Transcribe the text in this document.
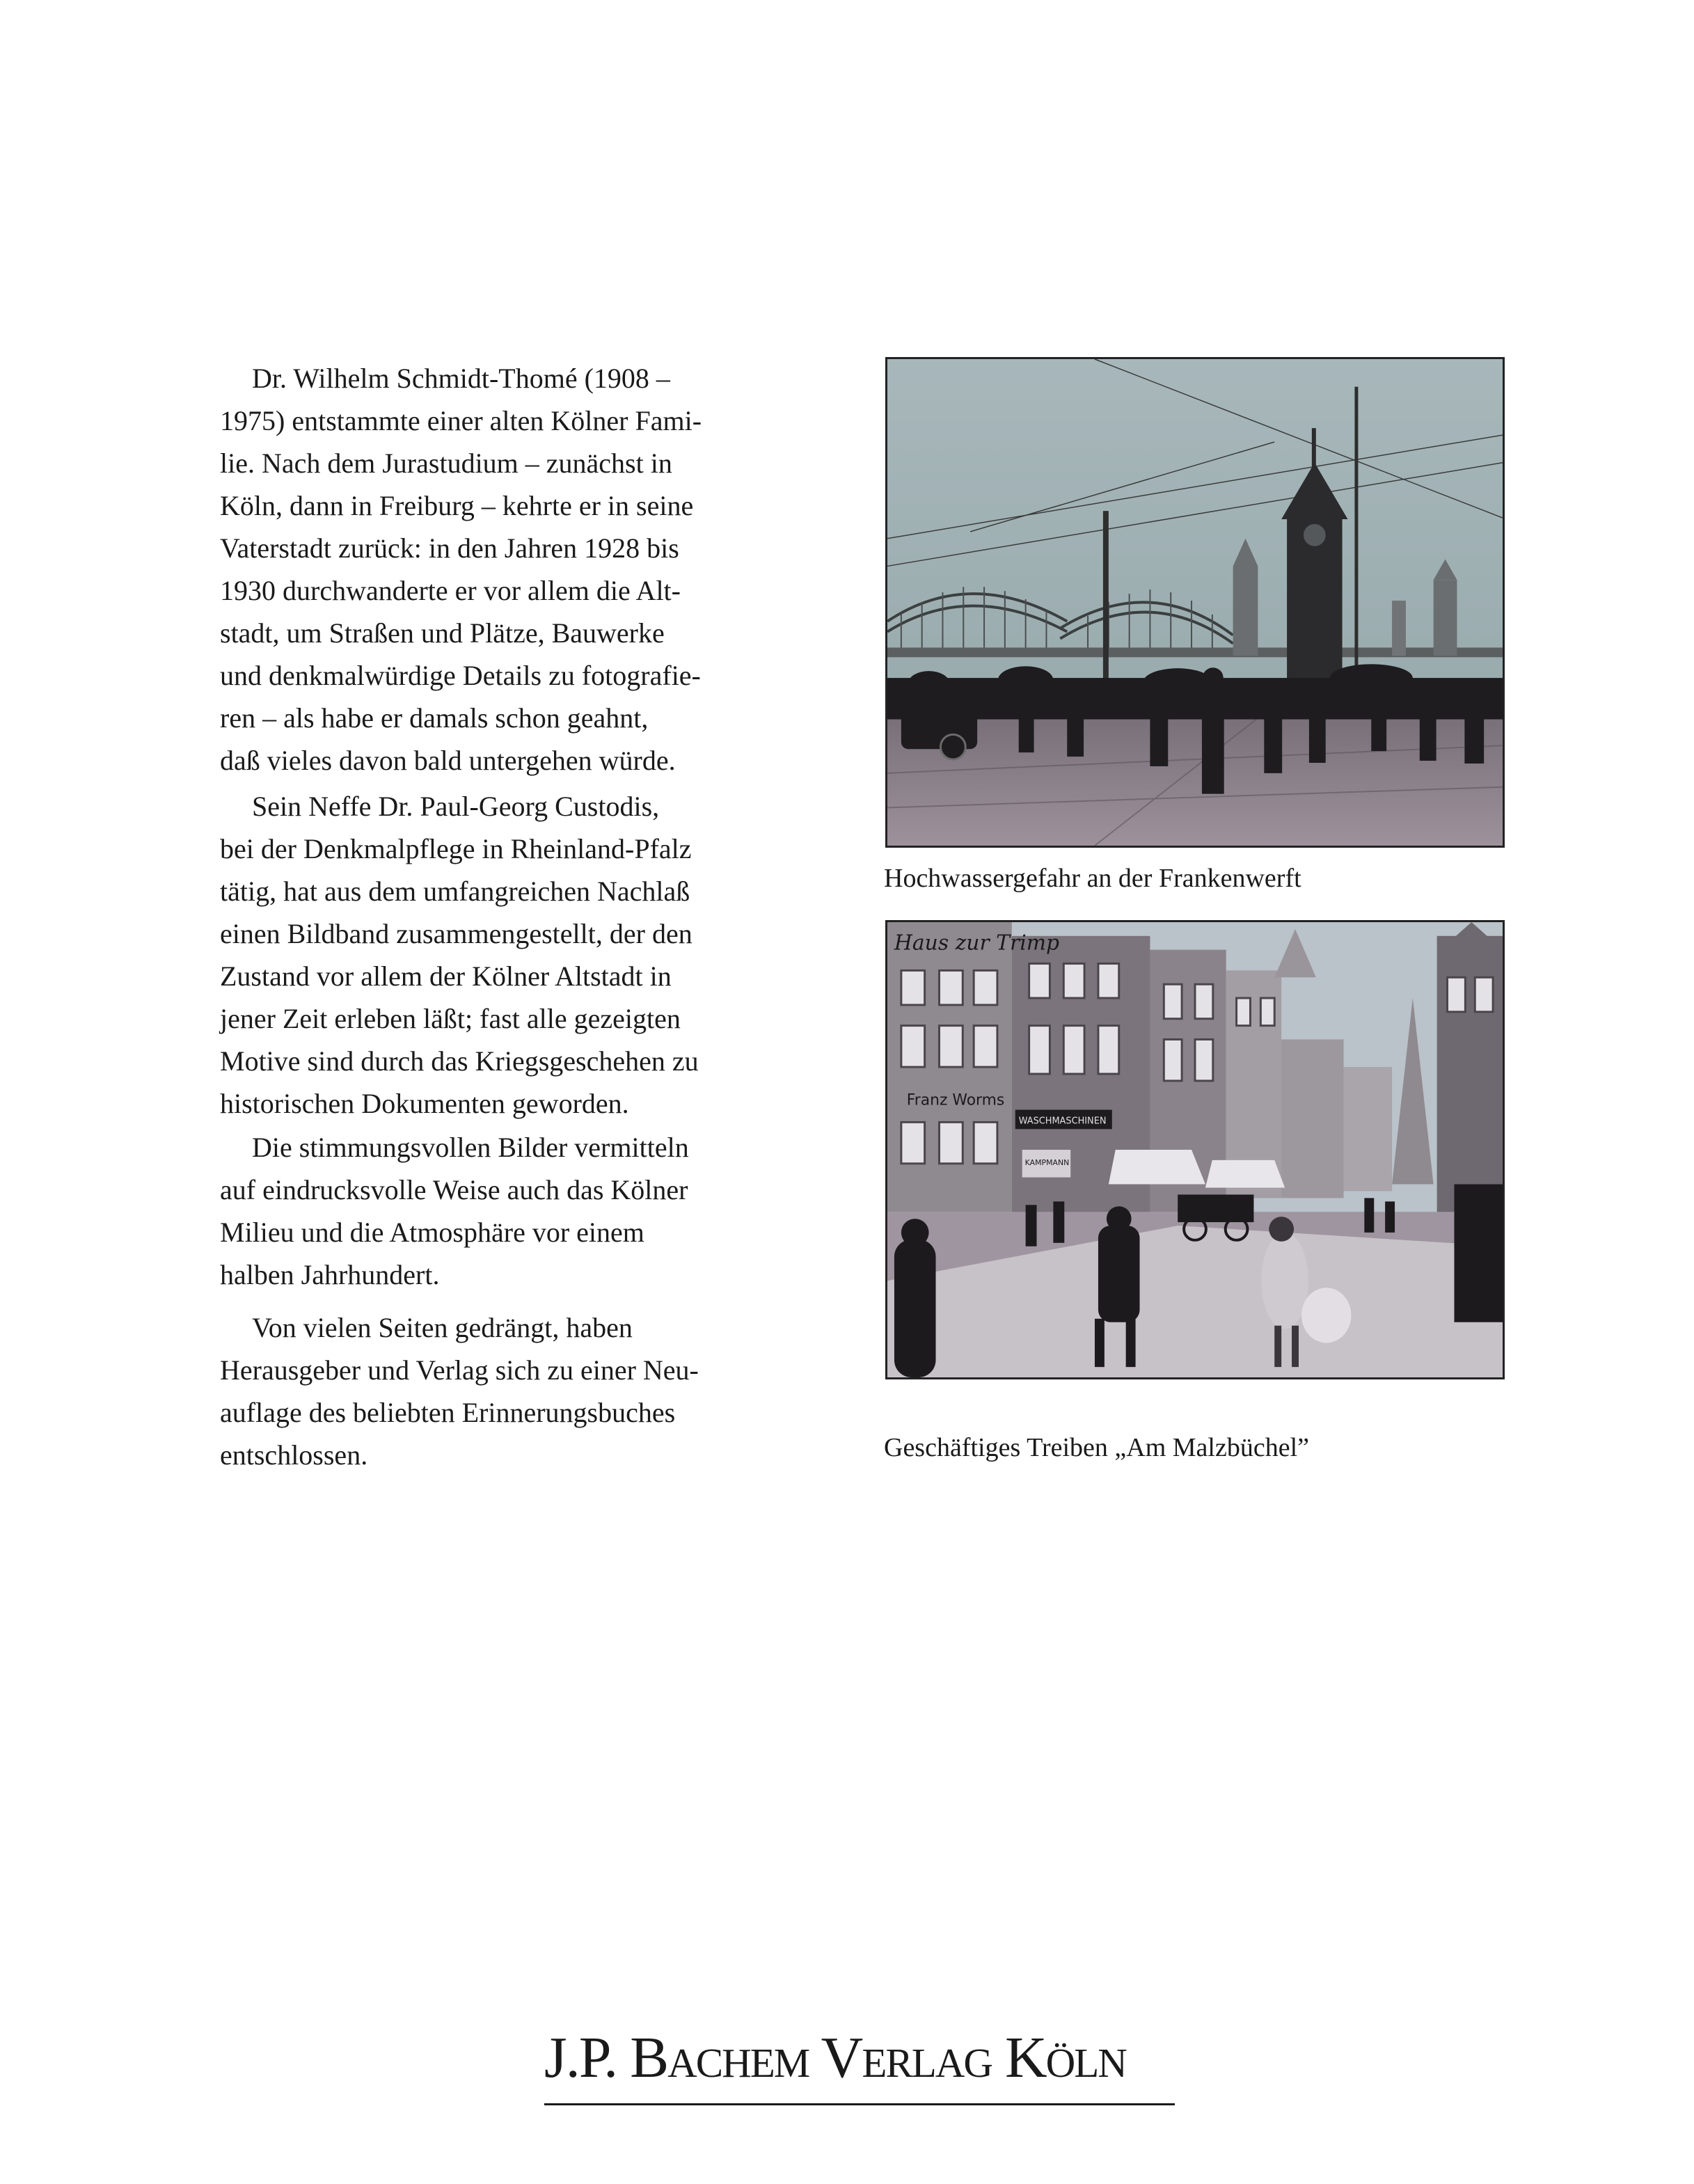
Dr. Wilhelm Schmidt-Thomé (1908 –
1975) entstammte einer alten Kölner Fami-
lie. Nach dem Jurastudium – zunächst in
Köln, dann in Freiburg – kehrte er in seine
Vaterstadt zurück: in den Jahren 1928 bis
1930 durchwanderte er vor allem die Alt-
stadt, um Straßen und Plätze, Bauwerke
und denkmalwürdige Details zu fotografie-
ren – als habe er damals schon geahnt,
daß vieles davon bald untergehen würde.
Sein Neffe Dr. Paul-Georg Custodis,
bei der Denkmalpflege in Rheinland-Pfalz
tätig, hat aus dem umfangreichen Nachlaß
einen Bildband zusammengestellt, der den
Zustand vor allem der Kölner Altstadt in
jener Zeit erleben läßt; fast alle gezeigten
Motive sind durch das Kriegsgeschehen zu
historischen Dokumenten geworden.
Die stimmungsvollen Bilder vermitteln
auf eindrucksvolle Weise auch das Kölner
Milieu und die Atmosphäre vor einem
halben Jahrhundert.
Von vielen Seiten gedrängt, haben
Herausgeber und Verlag sich zu einer Neu-
auflage des beliebten Erinnerungsbuches
entschlossen.
Hochwassergefahr an der Frankenwerft
Haus zur Trimp
Franz Worms
WASCHMASCHINEN
KAMPMANN
Geschäftiges Treiben „Am Malzbüchel”
J.P. Bachem Verlag Köln
